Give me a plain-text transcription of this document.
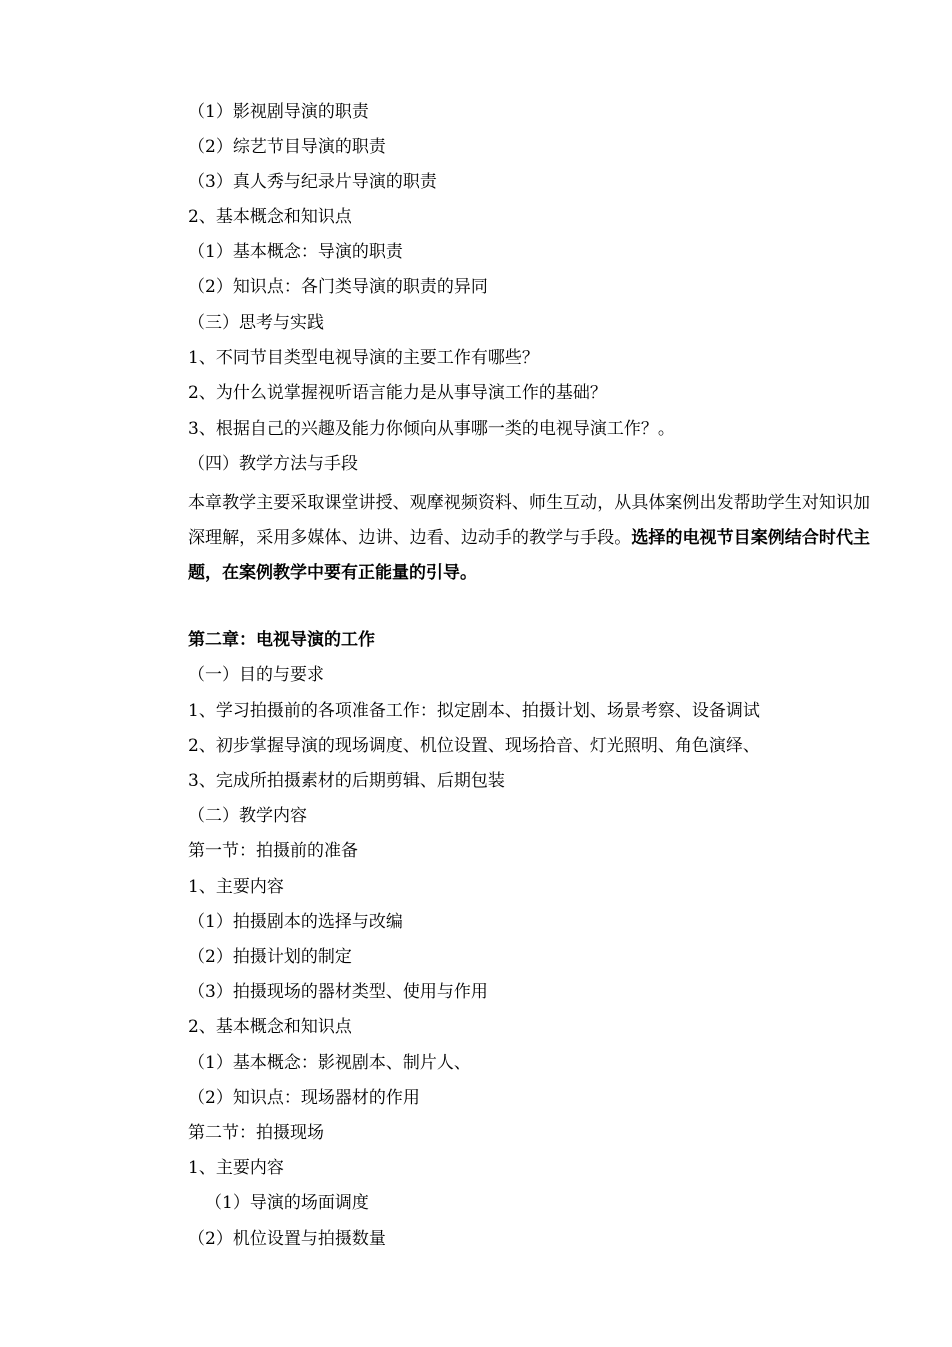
（1）影视剧导演的职责
（2）综艺节目导演的职责
（3）真人秀与纪录片导演的职责
2、基本概念和知识点
（1）基本概念：导演的职责
（2）知识点：各门类导演的职责的异同
（三）思考与实践
1、不同节目类型电视导演的主要工作有哪些？
2、为什么说掌握视听语言能力是从事导演工作的基础？
3、根据自己的兴趣及能力你倾向从事哪一类的电视导演工作？。
（四）教学方法与手段
本章教学主要采取课堂讲授、观摩视频资料、师生互动，从具体案例出发帮助学生对知识加深理解，采用多媒体、边讲、边看、边动手的教学与手段。选择的电视节目案例结合时代主题，在案例教学中要有正能量的引导。
第二章：电视导演的工作
（一）目的与要求
1、学习拍摄前的各项准备工作：拟定剧本、拍摄计划、场景考察、设备调试
2、初步掌握导演的现场调度、机位设置、现场拾音、灯光照明、角色演绎、
3、完成所拍摄素材的后期剪辑、后期包装
（二）教学内容
第一节：拍摄前的准备
1、主要内容
（1）拍摄剧本的选择与改编
（2）拍摄计划的制定
（3）拍摄现场的器材类型、使用与作用
2、基本概念和知识点
（1）基本概念：影视剧本、制片人、
（2）知识点：现场器材的作用
第二节：拍摄现场
1、主要内容
（1）导演的场面调度
（2）机位设置与拍摄数量
